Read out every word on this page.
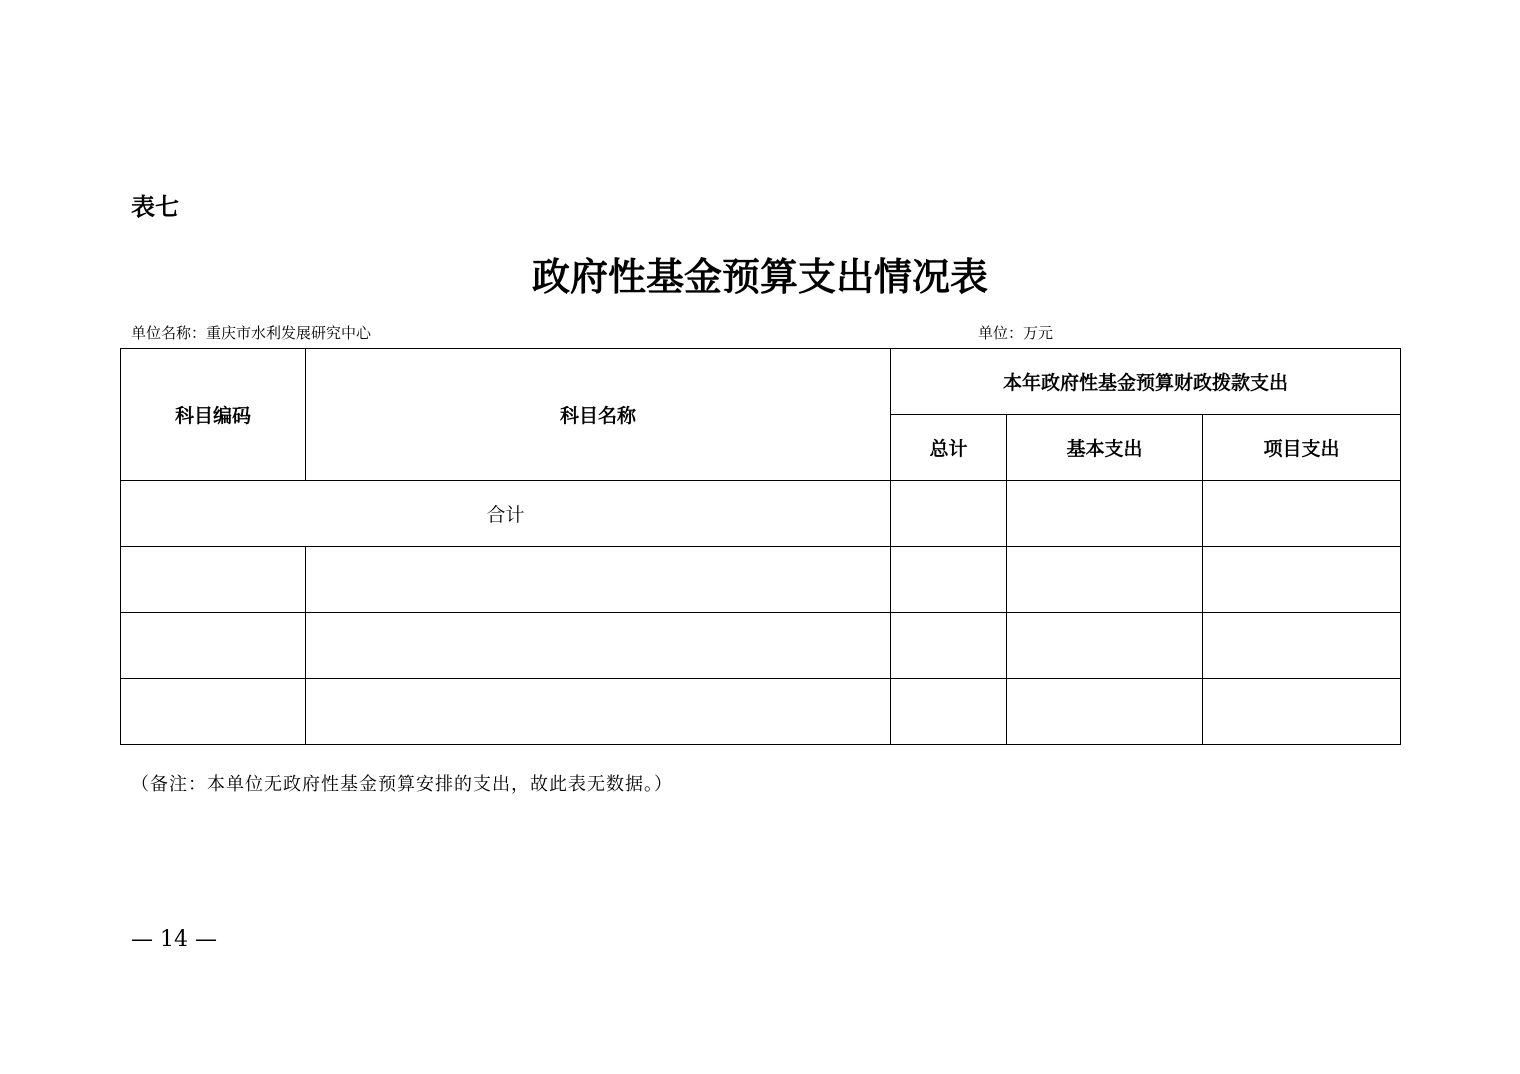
表七
政府性基金预算支出情况表
单位名称：重庆市水利发展研究中心	单位：万元
科目编码	科目名称	本年政府性基金预算财政拨款支出		
		总计	基本支出	项目支出
合计				

（备注：本单位无政府性基金预算安排的支出，故此表无数据。）
— 14 —
